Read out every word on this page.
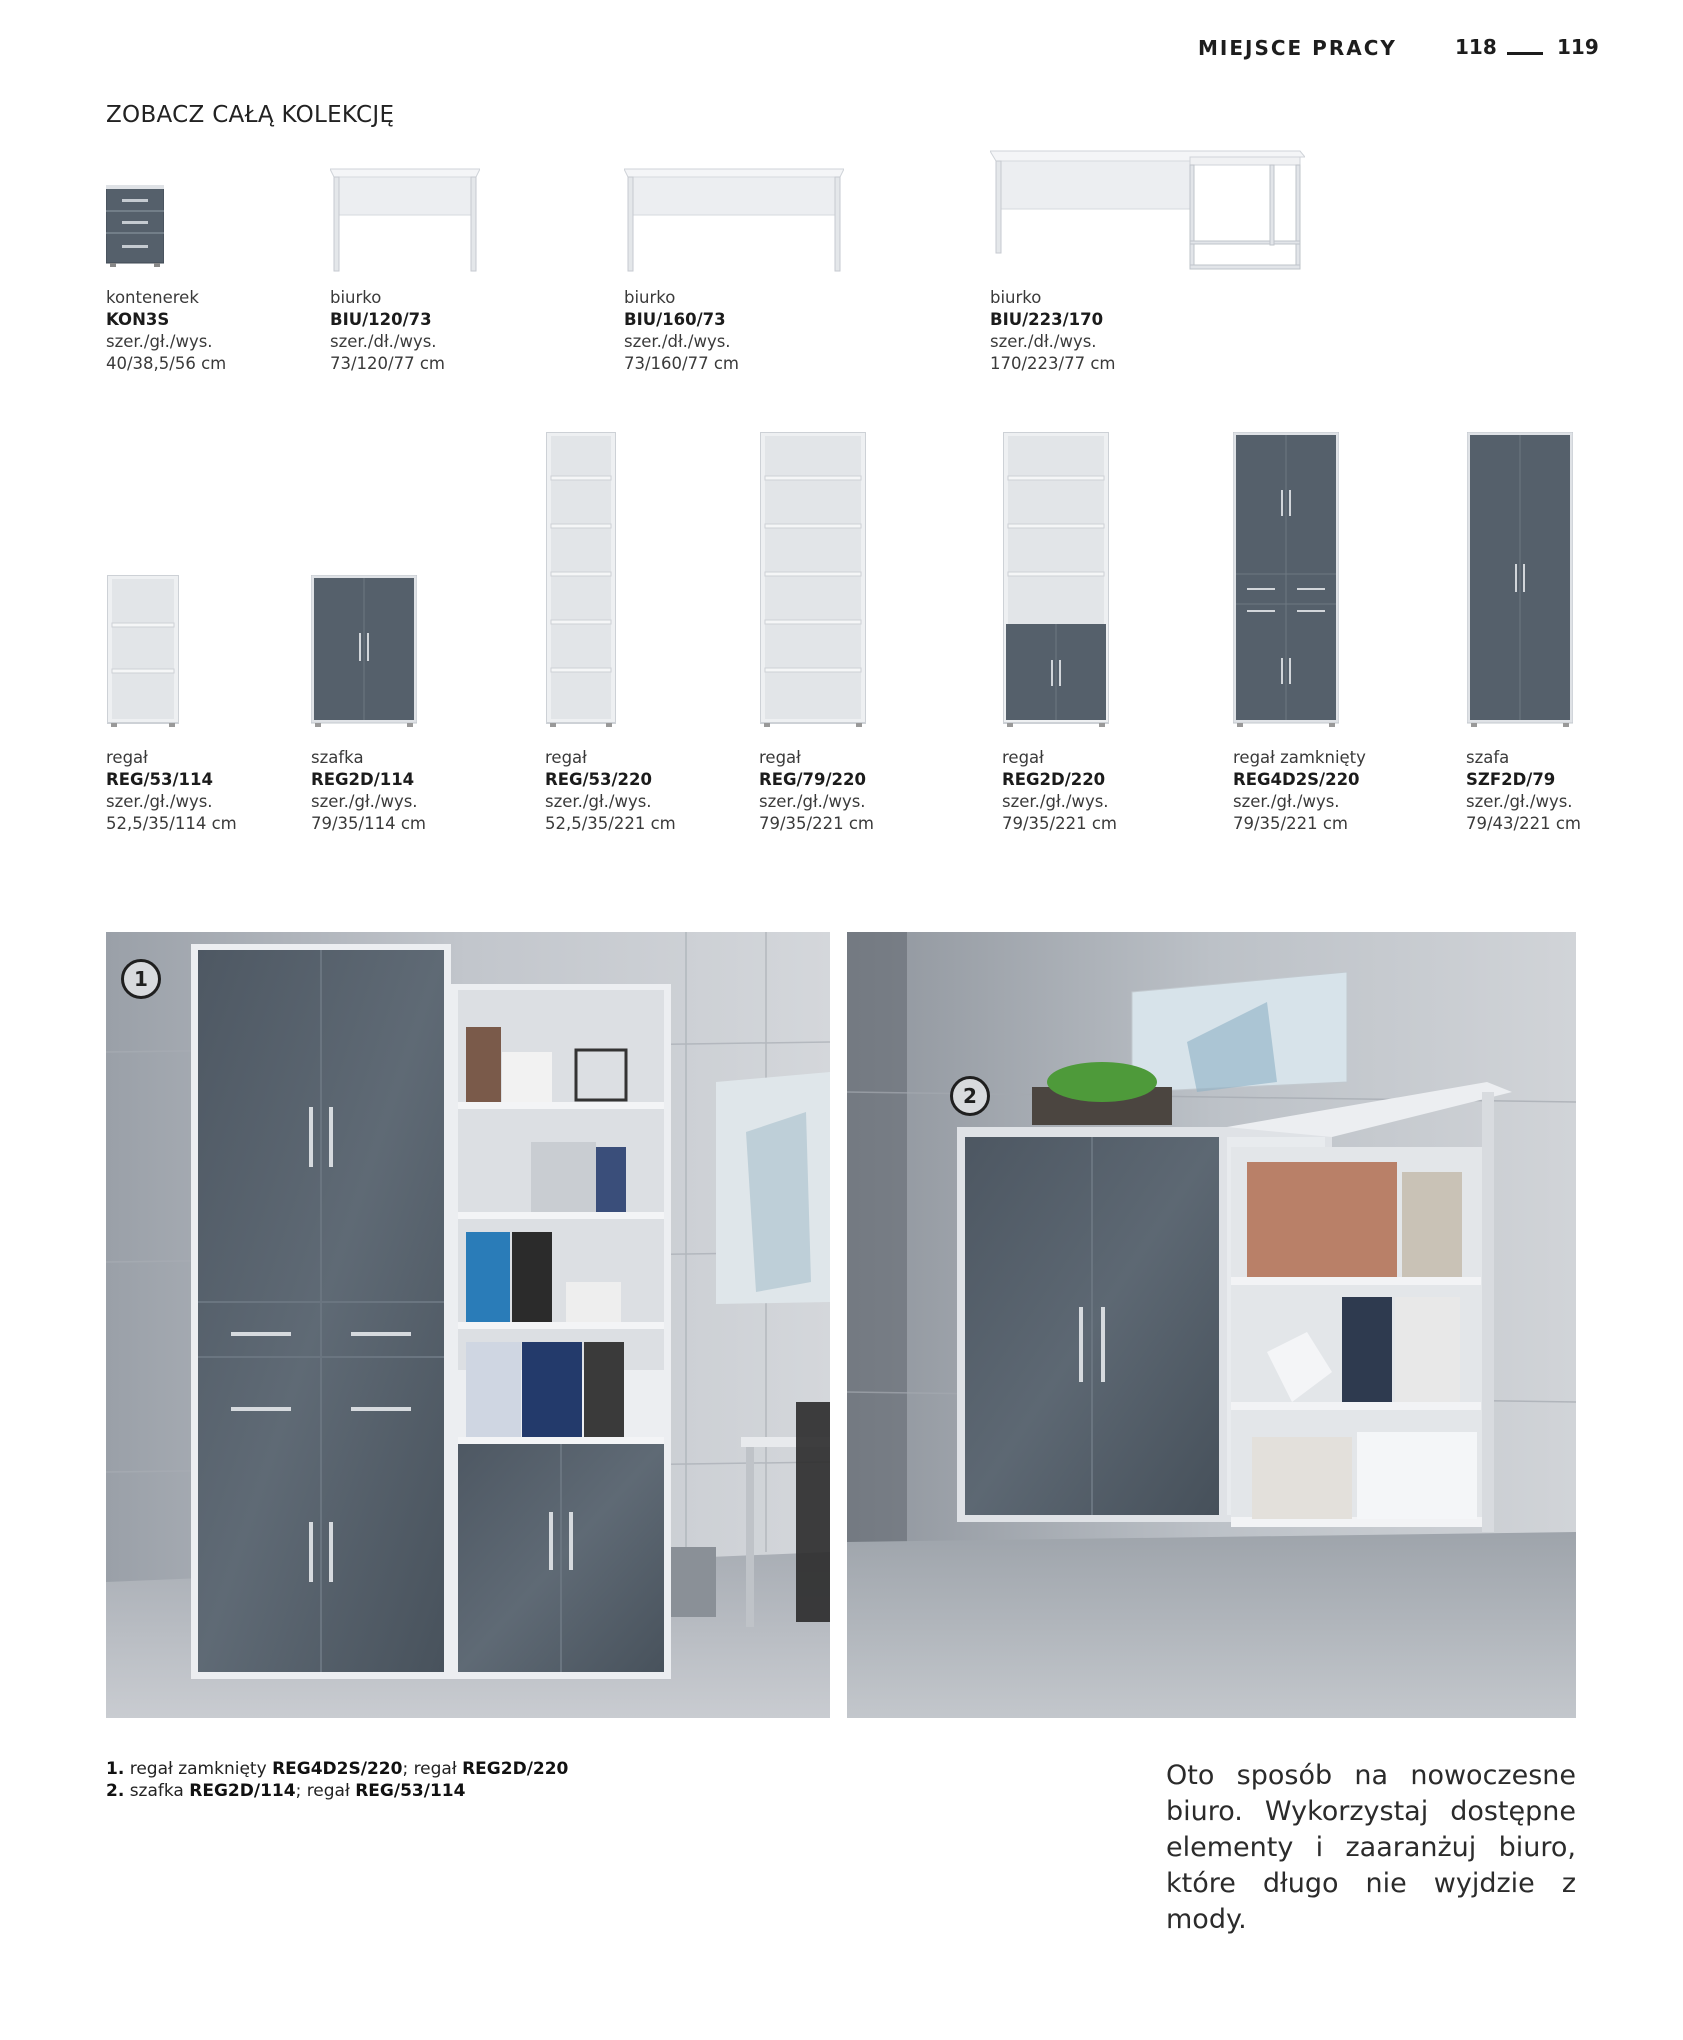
MIEJSCE PRACY	118	119
ZOBACZ CAŁĄ KOLEKCJĘ
kontenerek
KON3S
szer./gł./wys.
40/38,5/56 cm
biurko
BIU/120/73
szer./dł./wys.
73/120/77 cm
biurko
BIU/160/73
szer./dł./wys.
73/160/77 cm
biurko
BIU/223/170
szer./dł./wys.
170/223/77 cm
regał
REG/53/114
szer./gł./wys.
52,5/35/114 cm
szafka
REG2D/114
szer./gł./wys.
79/35/114 cm
regał
REG/53/220
szer./gł./wys.
52,5/35/221 cm
regał
REG/79/220
szer./gł./wys.
79/35/221 cm
regał
REG2D/220
szer./gł./wys.
79/35/221 cm
regał zamknięty
REG4D2S/220
szer./gł./wys.
79/35/221 cm
szafa
SZF2D/79
szer./gł./wys.
79/43/221 cm
1
2
1. regał zamknięty REG4D2S/220; regał REG2D/220
2. szafka REG2D/114; regał REG/53/114	Oto sposób na nowoczesne biuro. Wykorzystaj dostępne elementy i zaaranżuj biuro, które długo nie wyjdzie z mody.
